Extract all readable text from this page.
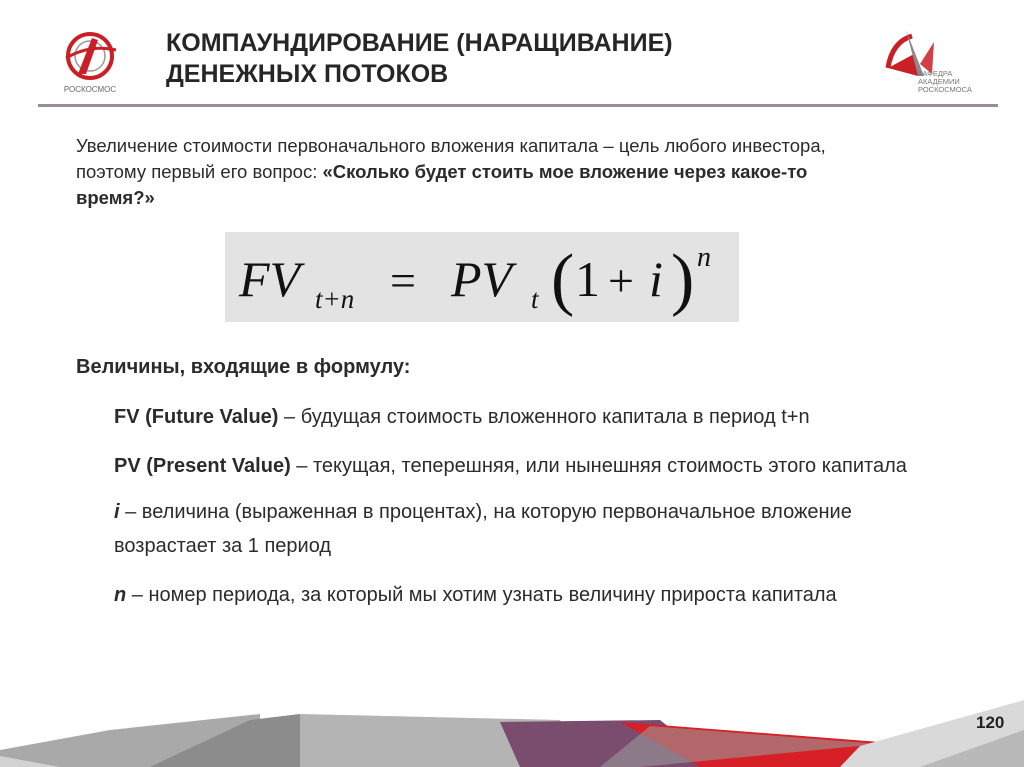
РОСКОСМОС
КОМПАУНДИРОВАНИЕ (НАРАЩИВАНИЕ)
ДЕНЕЖНЫХ ПОТОКОВ	КАФЕДРА АКАДЕМИИ РОСКОСМОСА

Увеличение стоимости первоначального вложения капитала – цель любого инвестора, поэтому первый его вопрос: «Сколько будет стоить мое вложение через какое-то время?»

FV t+n = PV t ( 1 + i ) n

Величины, входящие в формулу:

FV (Future Value) – будущая стоимость вложенного капитала в период t+n
PV (Present Value) – текущая, теперешняя, или нынешняя стоимость этого капитала
i – величина (выраженная в процентах), на которую первоначальное вложение возрастает за 1 период
n – номер периода, за который мы хотим узнать величину прироста капитала
120
